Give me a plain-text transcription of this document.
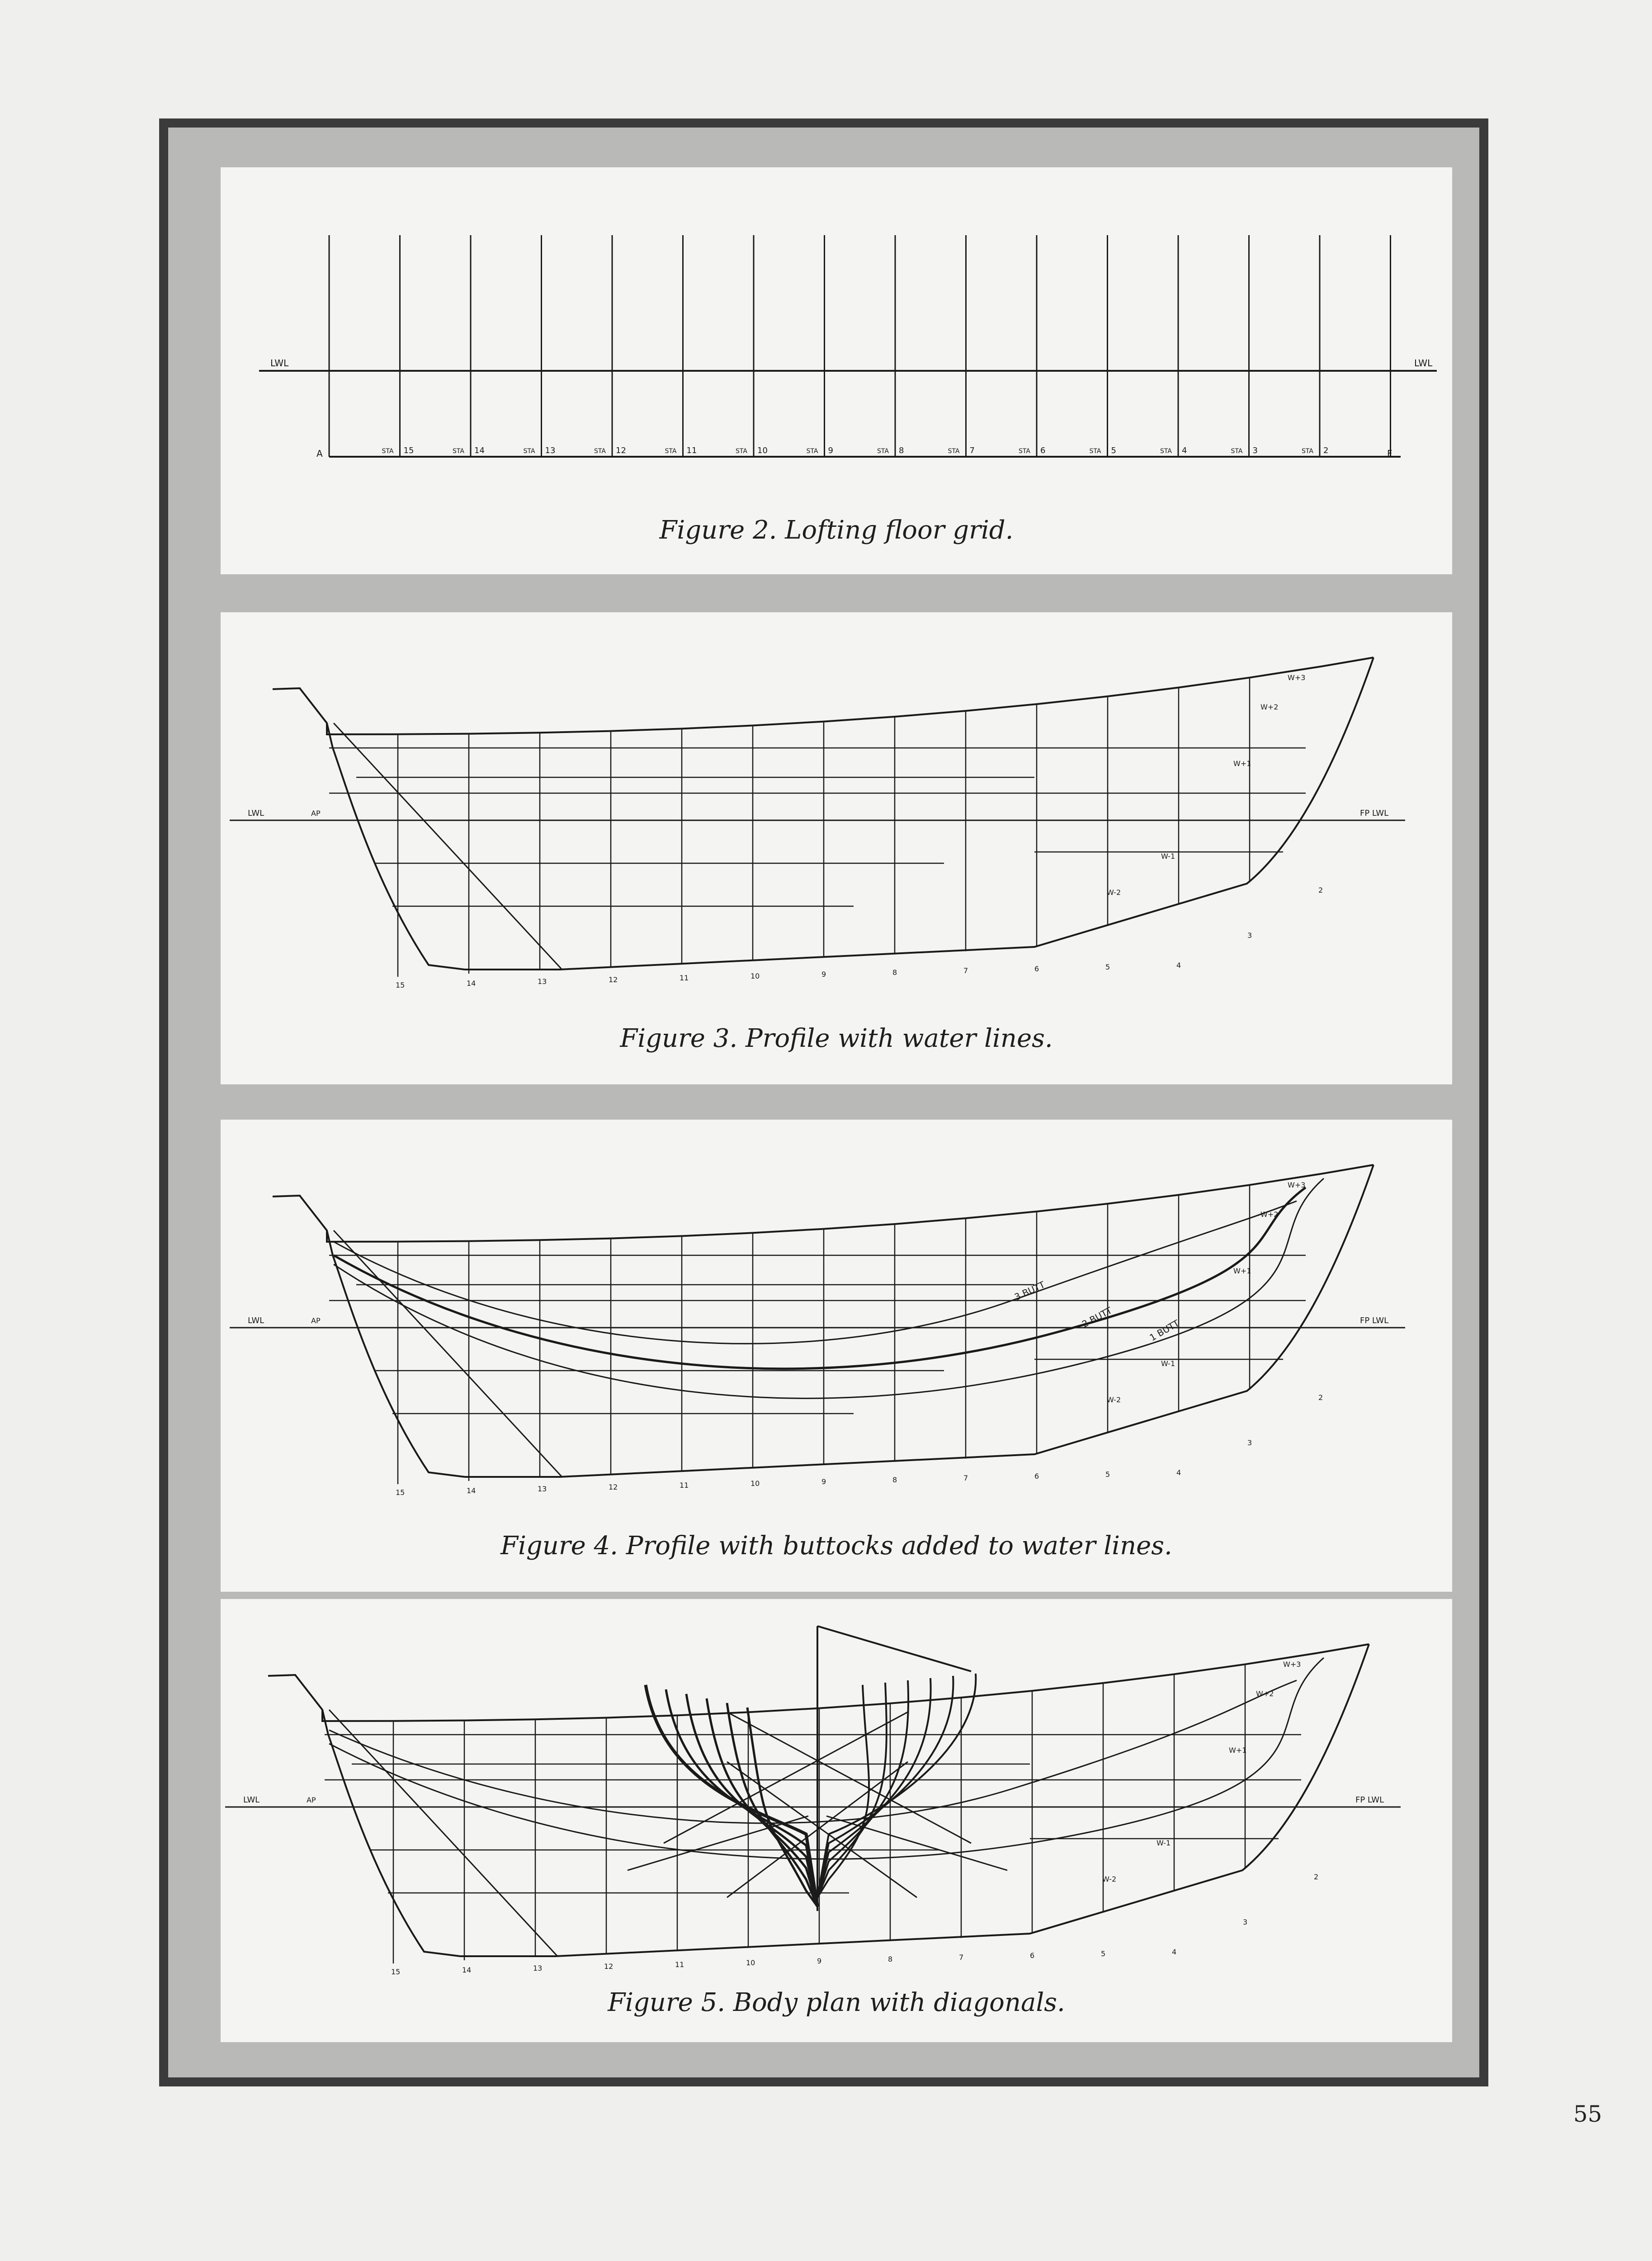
LWL	LWL
A	F
STA 15	STA 14	STA 13	STA 12	STA 11	STA 10	STA 9	STA 8	STA 7	STA 6	STA 5	STA 4	STA 3	STA 2
Figure 2. Lofting floor grid.
LWL	FP LWL
AP
W+3
W+2
W+1
W-1
W-2
15	14	13	12	11	10	9	8	7	6	5	4
3
2
Figure 3. Profile with water lines.
LWL	FP LWL
AP
W+3
W+2
W+1
W-1
W-2
15	14	13	12	11	10	9	8	7	6	5	4
3
2
3 BUTT
2 BUTT
1 BUTT
Figure 4. Profile with buttocks added to water lines.
LWL	FP LWL
AP
W+3
W+2
W+1
W-1
W-2
15	14	13	12	11	10	9	8	7	6	5	4
3
2
Figure 5. Body plan with diagonals.
55
